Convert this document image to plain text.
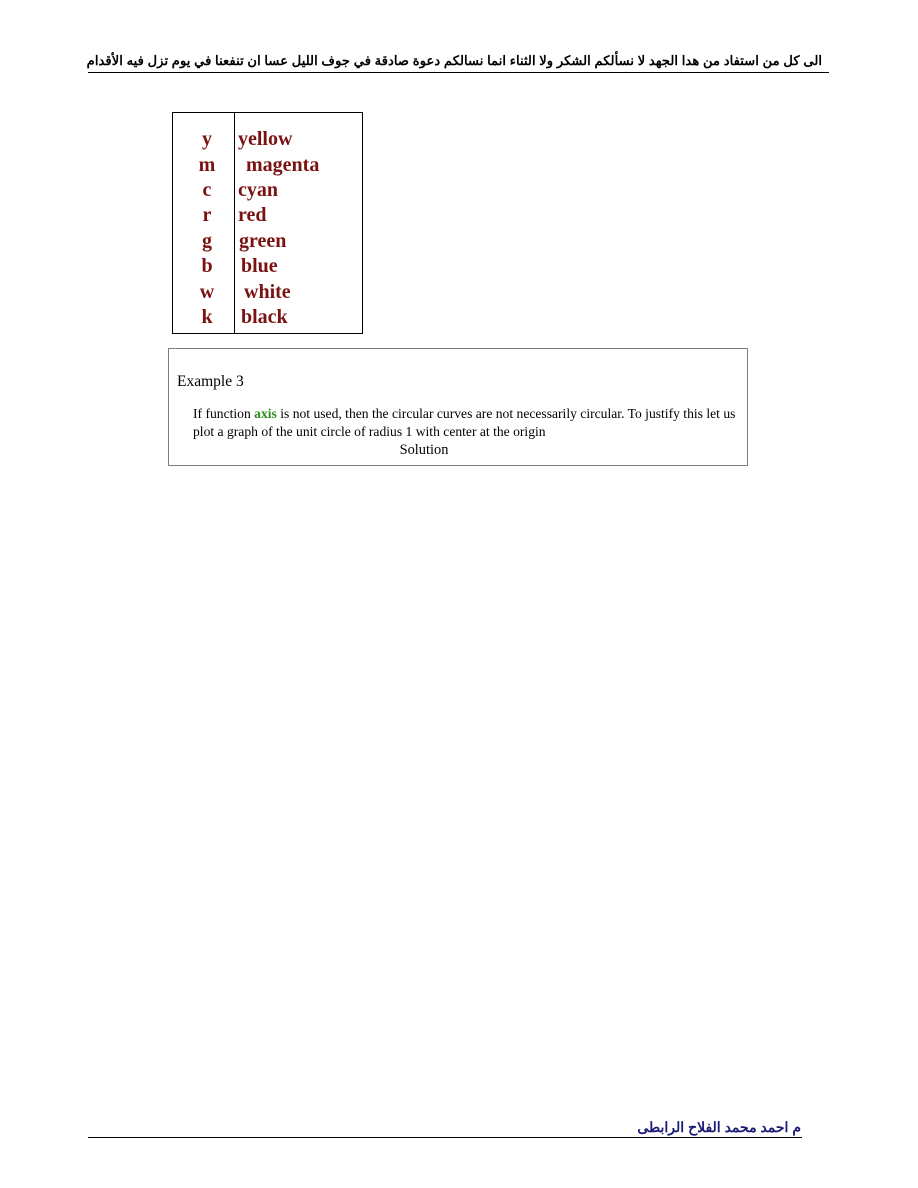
الى كل من استفاد من هدا الجهد لا نسألكم الشكر ولا الثناء انما نسالكم دعوة صادقة في جوف الليل عسا ان تنفعنا في يوم تزل فيه الأقدام
y	yellow
m magenta
c	cyan
r	red
g	green
b	blue
w white
k	black
Example 3
If function axis is not used, then the circular curves are not necessarily circular. To justify this let us plot a graph of the unit circle of radius 1 with center at the origin
Solution
م احمد محمد الفلاح الرابطى
